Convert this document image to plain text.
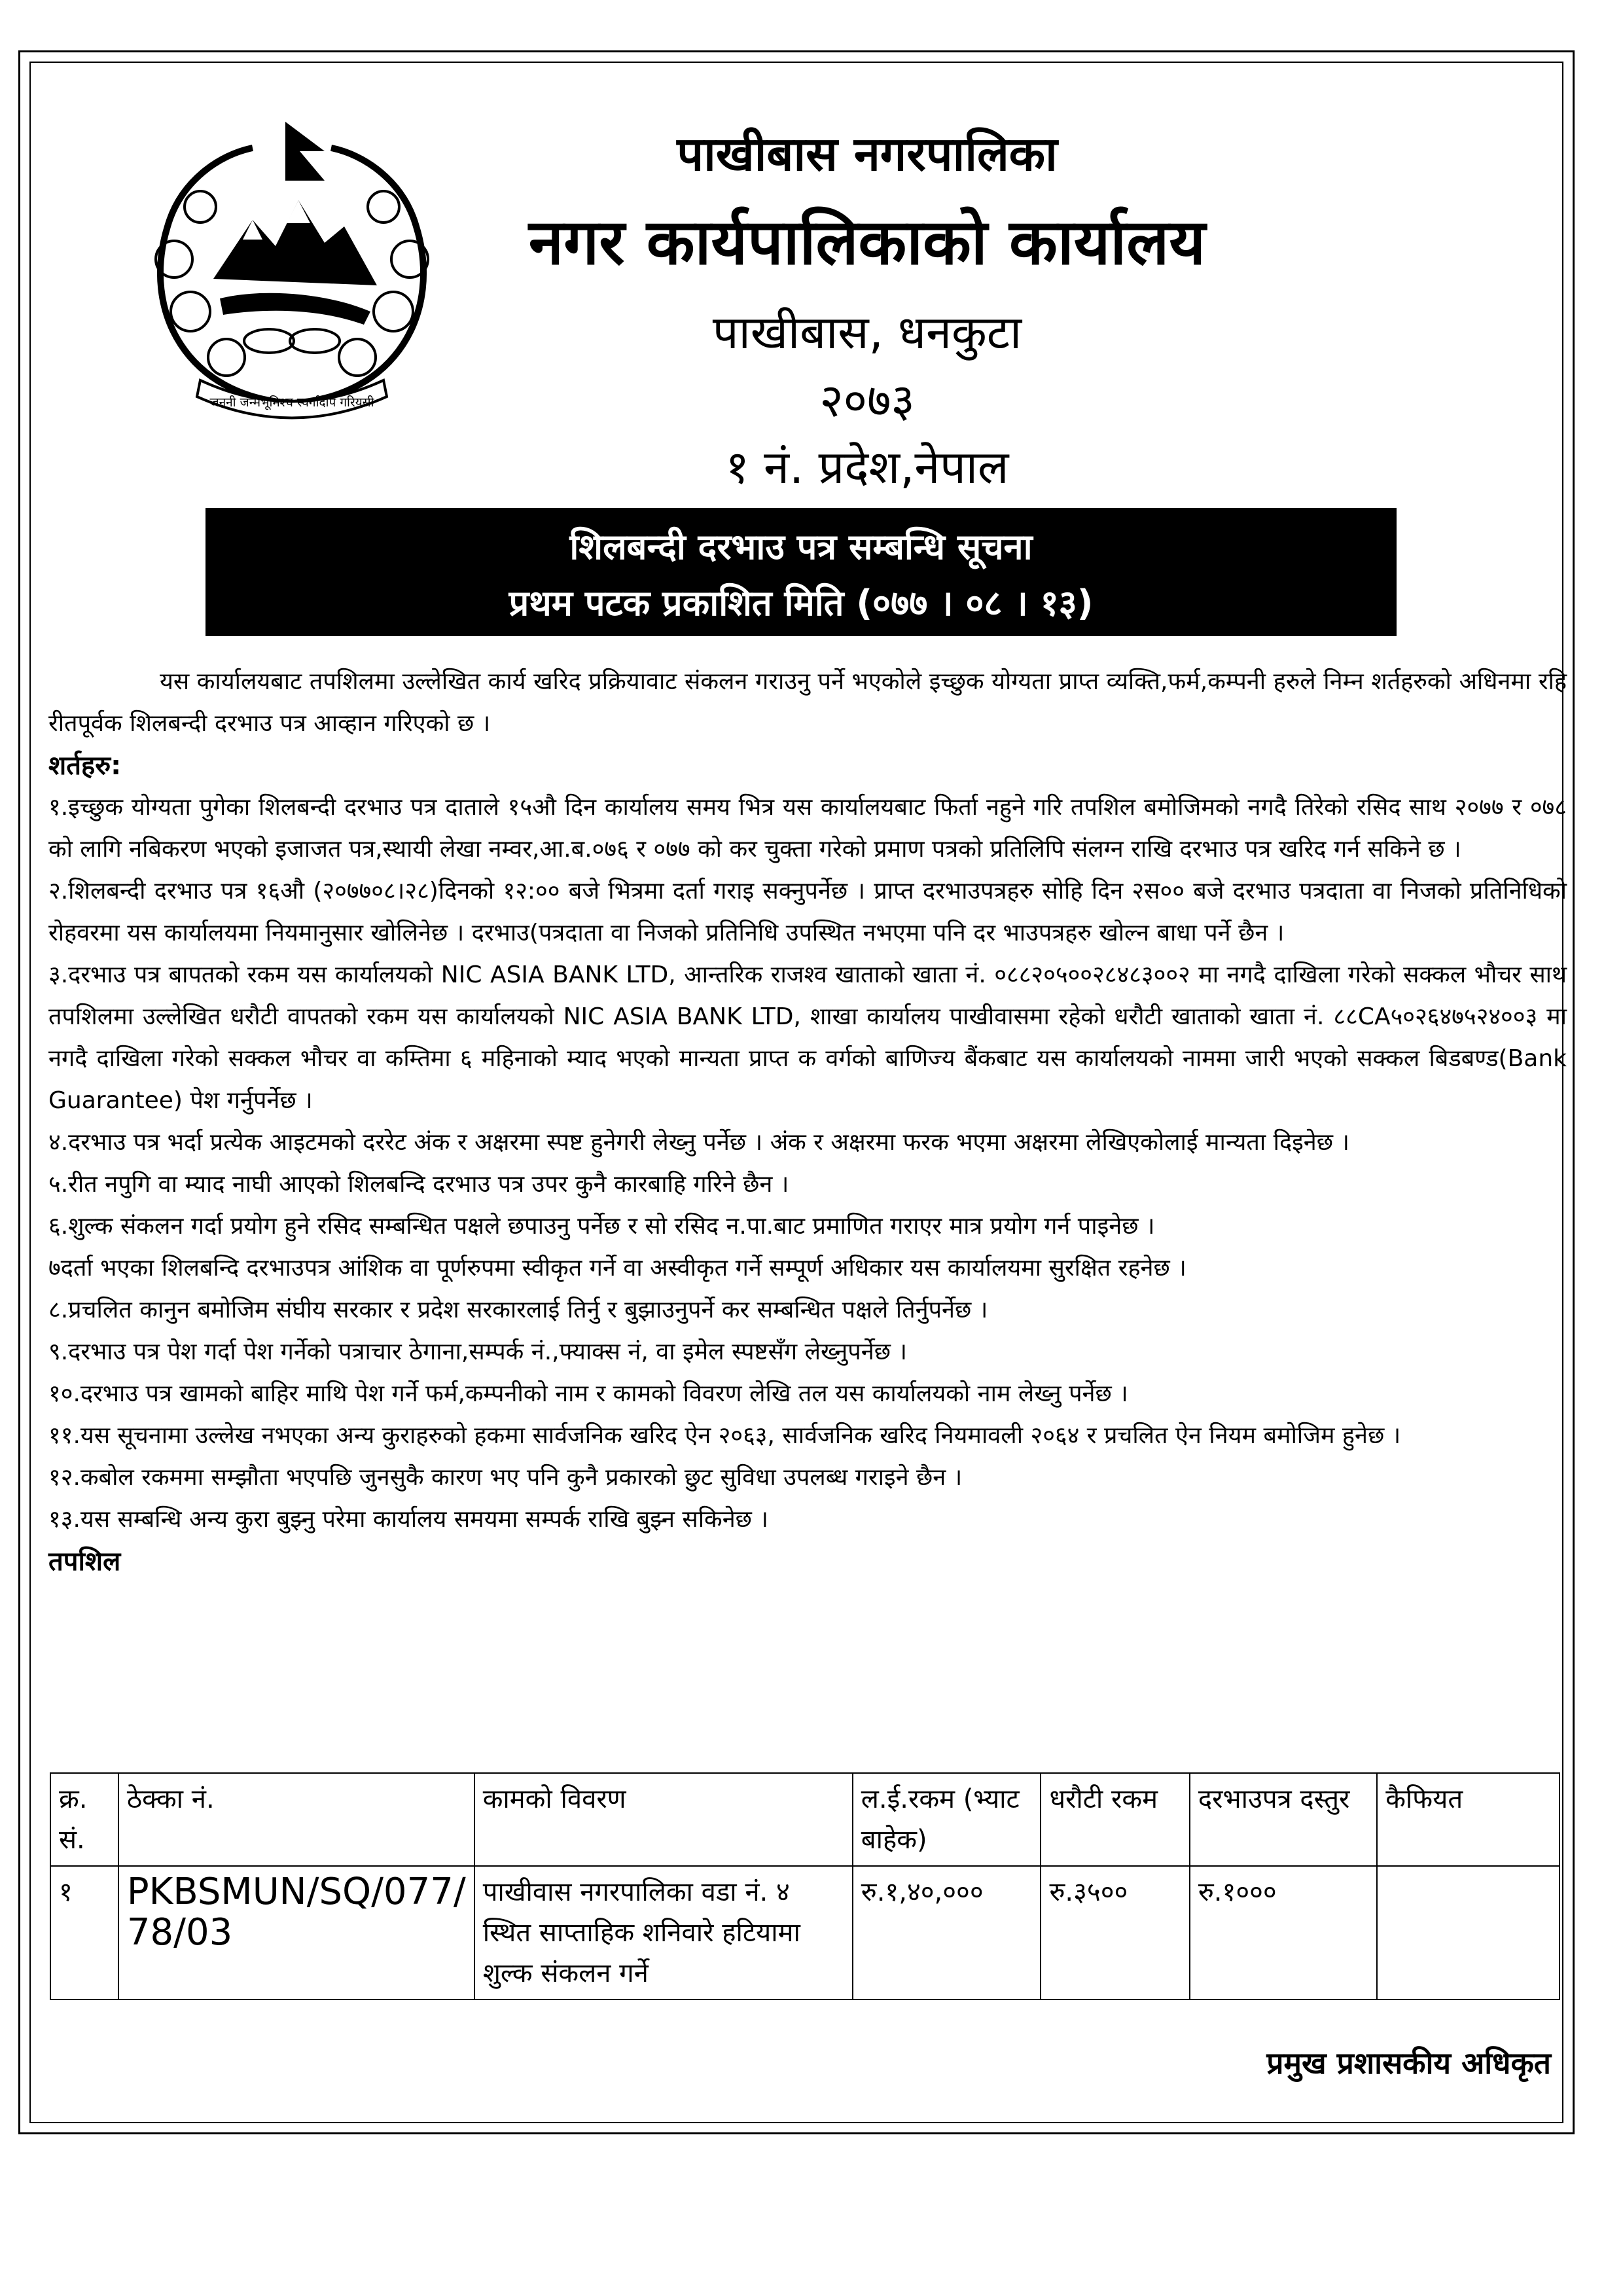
जननी जन्मभूमिश्च स्वर्गादपि गरियसी
पाखीबास नगरपालिका
नगर कार्यपालिकाको कार्यालय
पाखीबास, धनकुटा
२०७३
१ नं. प्रदेश,नेपाल
शिलबन्दी दरभाउ पत्र सम्बन्धि सूचना
प्रथम पटक प्रकाशित मिति (०७७ । ०८ । १३)

यस कार्यालयबाट तपशिलमा उल्लेखित कार्य खरिद प्रक्रियावाट संकलन गराउनु पर्ने भएकोले इच्छुक योग्यता प्राप्त व्यक्ति,फर्म,कम्पनी हरुले निम्न शर्तहरुको अधिनमा रहि रीतपूर्वक शिलबन्दी दरभाउ पत्र आव्हान गरिएको छ ।

शर्तहरु:

१.इच्छुक योग्यता पुगेका शिलबन्दी दरभाउ पत्र दाताले १५औ दिन कार्यालय समय भित्र यस कार्यालयबाट फिर्ता नहुने गरि तपशिल बमोजिमको नगदै तिरेको रसिद साथ २०७७ र ०७८ को लागि नबिकरण भएको इजाजत पत्र,स्थायी लेखा नम्वर,आ.ब.०७६ र ०७७ को कर चुक्ता गरेको प्रमाण पत्रको प्रतिलिपि संलग्न राखि दरभाउ पत्र खरिद गर्न सकिने छ ।

२.शिलबन्दी दरभाउ पत्र १६औ (२०७७०८।२८)दिनको १२:०० बजे भित्रमा दर्ता गराइ सक्नुपर्नेछ । प्राप्त दरभाउपत्रहरु सोहि दिन २स०० बजे दरभाउ पत्रदाता वा निजको प्रतिनिधिको रोहवरमा यस कार्यालयमा नियमानुसार खोलिनेछ । दरभाउ(पत्रदाता वा निजको प्रतिनिधि उपस्थित नभएमा पनि दर भाउपत्रहरु खोल्न बाधा पर्ने छैन ।

३.दरभाउ पत्र बापतको रकम यस कार्यालयको NIC ASIA BANK LTD, आन्तरिक राजश्व खाताको खाता नं. ०८८२०५००२८४८३००२ मा नगदै दाखिला गरेको सक्कल भौचर साथ तपशिलमा उल्लेखित धरौटी वापतको रकम यस कार्यालयको NIC ASIA BANK LTD, शाखा कार्यालय पाखीवासमा रहेको धरौटी खाताको खाता नं. ८८CA५०२६४७५२४००३ मा नगदै दाखिला गरेको सक्कल भौचर वा कम्तिमा ६ महिनाको म्याद भएको मान्यता प्राप्त क वर्गको बाणिज्य बैंकबाट यस कार्यालयको नाममा जारी भएको सक्कल बिडबण्ड(Bank Guarantee) पेश गर्नुपर्नेछ ।

४.दरभाउ पत्र भर्दा प्रत्येक आइटमको दररेट अंक र अक्षरमा स्पष्ट हुनेगरी लेख्नु पर्नेछ । अंक र अक्षरमा फरक भएमा अक्षरमा लेखिएकोलाई मान्यता दिइनेछ ।

५.रीत नपुगि वा म्याद नाघी आएको शिलबन्दि दरभाउ पत्र उपर कुनै कारबाहि गरिने छैन ।

६.शुल्क संकलन गर्दा प्रयोग हुने रसिद सम्बन्धित पक्षले छपाउनु पर्नेछ र सो रसिद न.पा.बाट प्रमाणित गराएर मात्र प्रयोग गर्न पाइनेछ ।

७दर्ता भएका शिलबन्दि दरभाउपत्र आंशिक वा पूर्णरुपमा स्वीकृत गर्ने वा अस्वीकृत गर्ने सम्पूर्ण अधिकार यस कार्यालयमा सुरक्षित रहनेछ ।

८.प्रचलित कानुन बमोजिम संघीय सरकार र प्रदेश सरकारलाई तिर्नु र बुझाउनुपर्ने कर सम्बन्धित पक्षले तिर्नुपर्नेछ ।

९.दरभाउ पत्र पेश गर्दा पेश गर्नेको पत्राचार ठेगाना,सम्पर्क नं.,फ्याक्स नं, वा इमेल स्पष्टसँग लेख्नुपर्नेछ ।

१०.दरभाउ पत्र खामको बाहिर माथि पेश गर्ने फर्म,कम्पनीको नाम र कामको विवरण लेखि तल यस कार्यालयको नाम लेख्नु पर्नेछ ।

११.यस सूचनामा उल्लेख नभएका अन्य कुराहरुको हकमा सार्वजनिक खरिद ऐन २०६३, सार्वजनिक खरिद नियमावली २०६४ र प्रचलित ऐन नियम बमोजिम हुनेछ ।

१२.कबोल रकममा सम्झौता भएपछि जुनसुकै कारण भए पनि कुनै प्रकारको छुट सुविधा उपलब्ध गराइने छैन ।

१३.यस सम्बन्धि अन्य कुरा बुझ्नु परेमा कार्यालय समयमा सम्पर्क राखि बुझ्न सकिनेछ ।

तपशिल

क्र. सं.	ठेक्का नं.	कामको विवरण	ल.ई.रकम (भ्याट बाहेक)	धरौटी रकम	दरभाउपत्र दस्तुर	कैफियत
१	PKBSMUN/SQ/077/ 78/03	पाखीवास नगरपालिका वडा नं. ४ स्थित साप्ताहिक शनिवारे हटियामा शुल्क संकलन गर्ने	रु.१,४०,०००	रु.३५००	रु.१०००	
प्रमुख प्रशासकीय अधिकृत
